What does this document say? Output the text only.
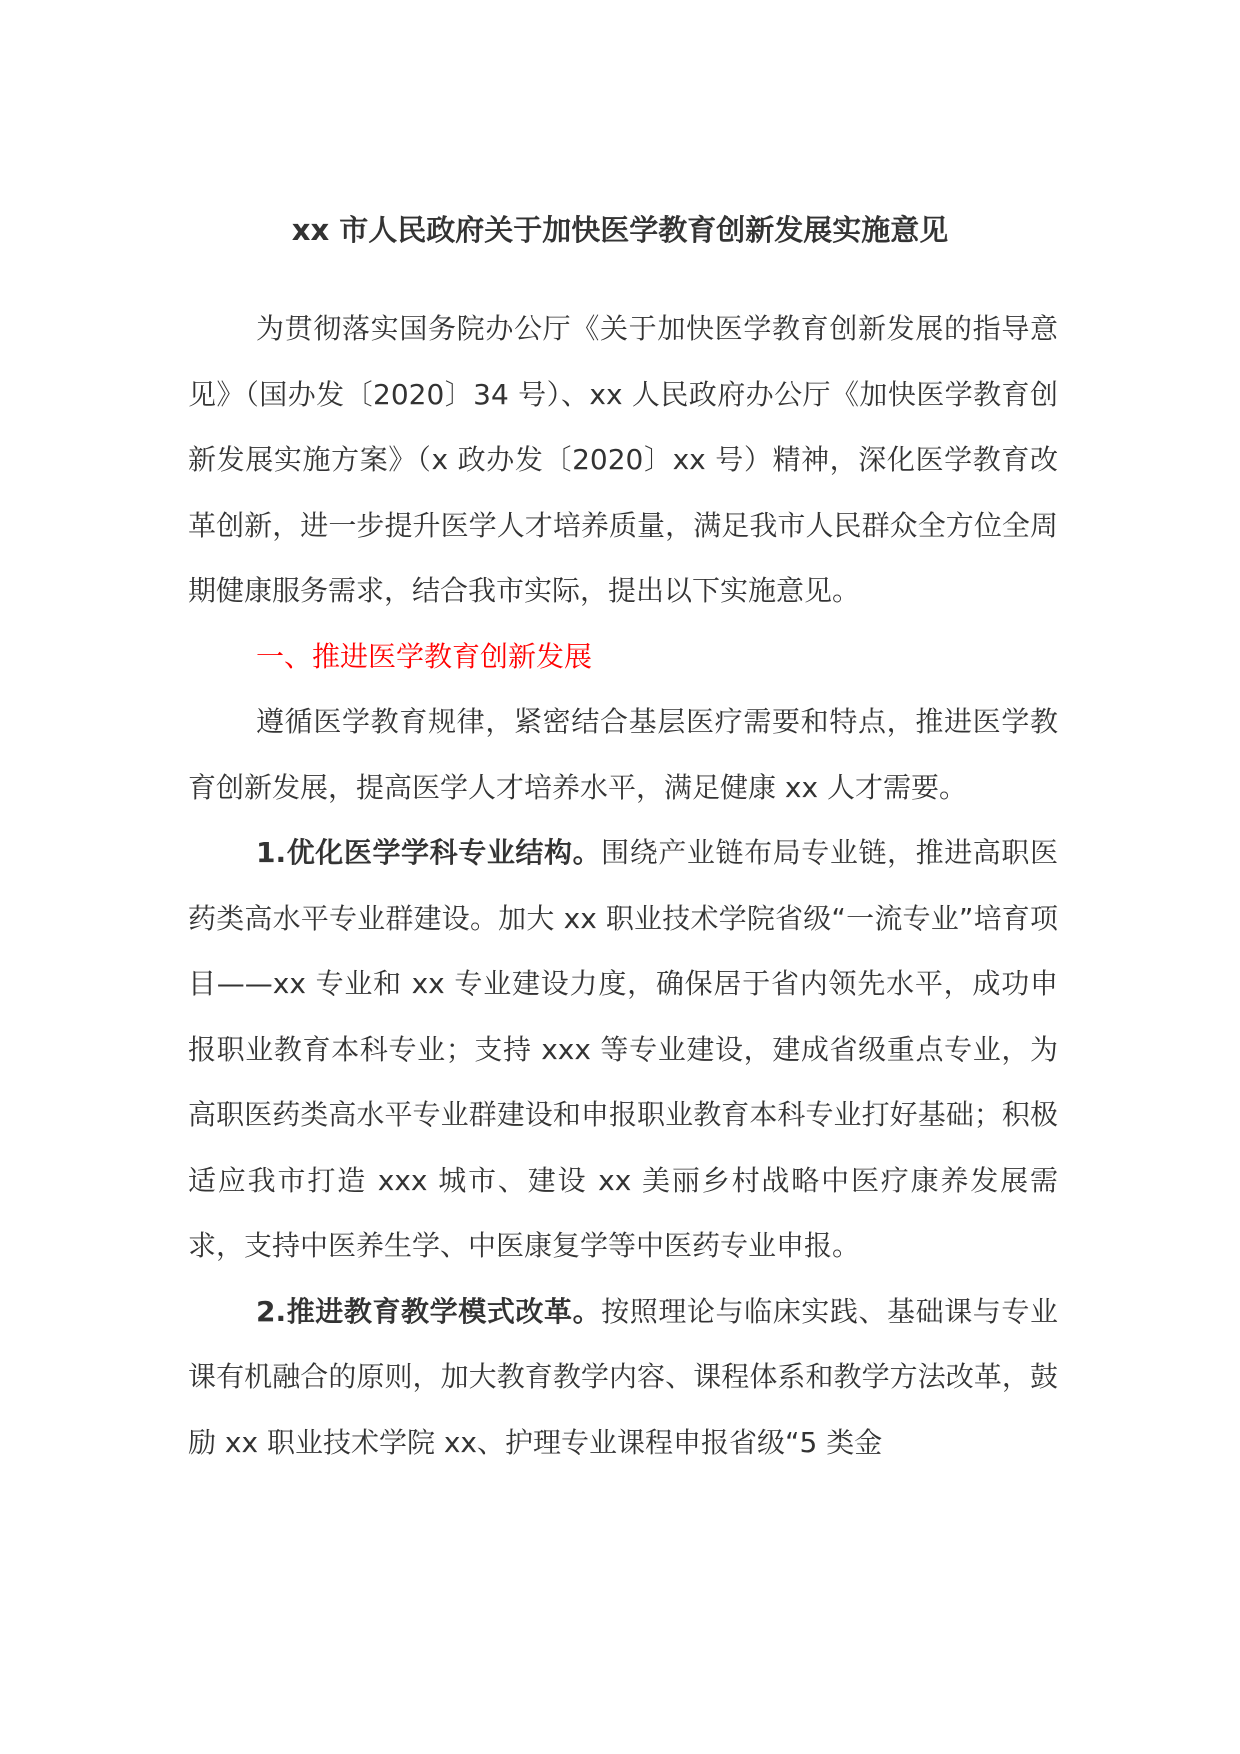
xx 市人民政府关于加快医学教育创新发展实施意见

为贯彻落实国务院办公厅《关于加快医学教育创新发展的指导意见》（国办发〔2020〕34 号）、xx 人民政府办公厅《加快医学教育创新发展实施方案》（x 政办发〔2020〕xx 号）精神，深化医学教育改革创新，进一步提升医学人才培养质量，满足我市人民群众全方位全周期健康服务需求，结合我市实际，提出以下实施意见。

一、推进医学教育创新发展

遵循医学教育规律，紧密结合基层医疗需要和特点，推进医学教育创新发展，提高医学人才培养水平，满足健康 xx 人才需要。

1.优化医学学科专业结构。围绕产业链布局专业链，推进高职医药类高水平专业群建设。加大 xx 职业技术学院省级“一流专业”培育项目——xx 专业和 xx 专业建设力度，确保居于省内领先水平，成功申报职业教育本科专业；支持 xxx 等专业建设，建成省级重点专业，为高职医药类高水平专业群建设和申报职业教育本科专业打好基础；积极适应我市打造 xxx 城市、建设 xx 美丽乡村战略中医疗康养发展需求，支持中医养生学、中医康复学等中医药专业申报。

2.推进教育教学模式改革。按照理论与临床实践、基础课与专业课有机融合的原则，加大教育教学内容、课程体系和教学方法改革，鼓励 xx 职业技术学院 xx、护理专业课程申报省级“5 类金
